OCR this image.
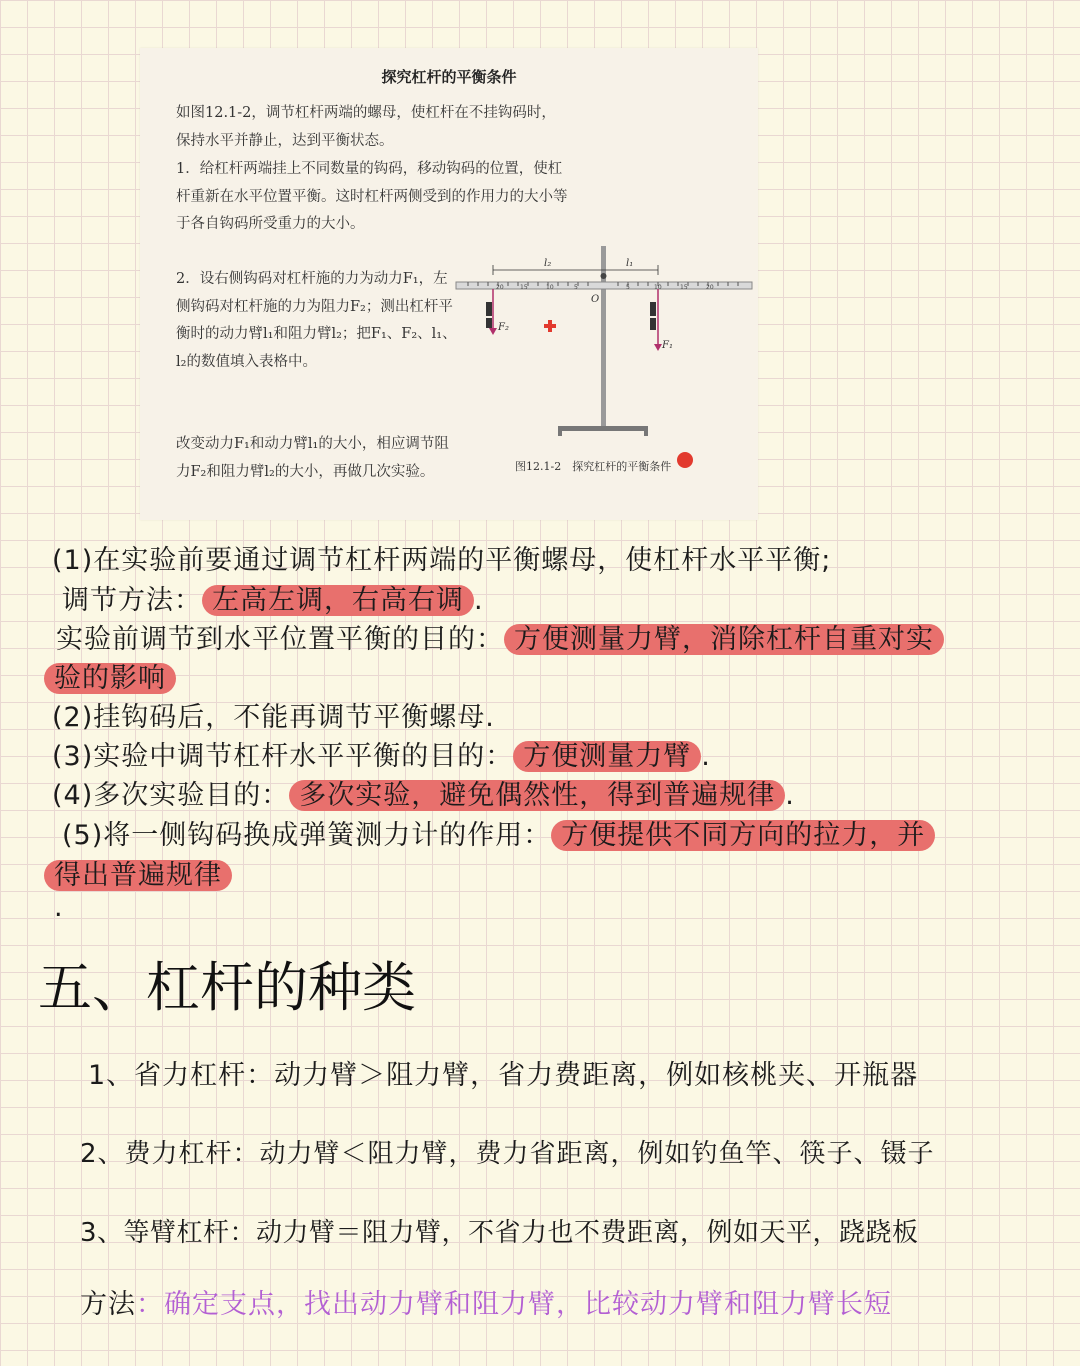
探究杠杆的平衡条件

如图12.1-2，调节杠杆两端的螺母，使杠杆在不挂钩码时，保持水平并静止，达到平衡状态。

1．给杠杆两端挂上不同数量的钩码，移动钩码的位置，使杠杆重新在水平位置平衡。这时杠杆两侧受到的作用力的大小等于各自钩码所受重力的大小。

2．设右侧钩码对杠杆施的力为动力F₁，左侧钩码对杠杆施的力为阻力F₂；测出杠杆平衡时的动力臂l₁和阻力臂l₂；把F₁、F₂、l₁、l₂的数值填入表格中。

改变动力F₁和动力臂l₁的大小，相应调节阻力F₂和阻力臂l₂的大小，再做几次实验。

20	15	10	5	5	10	15	20
O
l₂	l₁
F₂
F₁
图12.1-2　探究杠杆的平衡条件
(1)在实验前要通过调节杠杆两端的平衡螺母，使杠杆水平平衡;
调节方法： 左高左调，右高右调 .
实验前调节到水平位置平衡的目的： 方便测量力臂，消除杠杆自重对实
验的影响
(2)挂钩码后，不能再调节平衡螺母.
(3)实验中调节杠杆水平平衡的目的： 方便测量力臂 .
(4)多次实验目的： 多次实验，避免偶然性，得到普遍规律 .
(5)将一侧钩码换成弹簧测力计的作用： 方便提供不同方向的拉力，并
得出普遍规律
.
五、杠杆的种类
1、省力杠杆：动力臂＞阻力臂，省力费距离，例如核桃夹、开瓶器
2、费力杠杆：动力臂＜阻力臂，费力省距离，例如钓鱼竿、筷子、镊子
3、等臂杠杆：动力臂＝阻力臂，不省力也不费距离，例如天平，跷跷板
方法：确定支点，找出动力臂和阻力臂，比较动力臂和阻力臂长短
